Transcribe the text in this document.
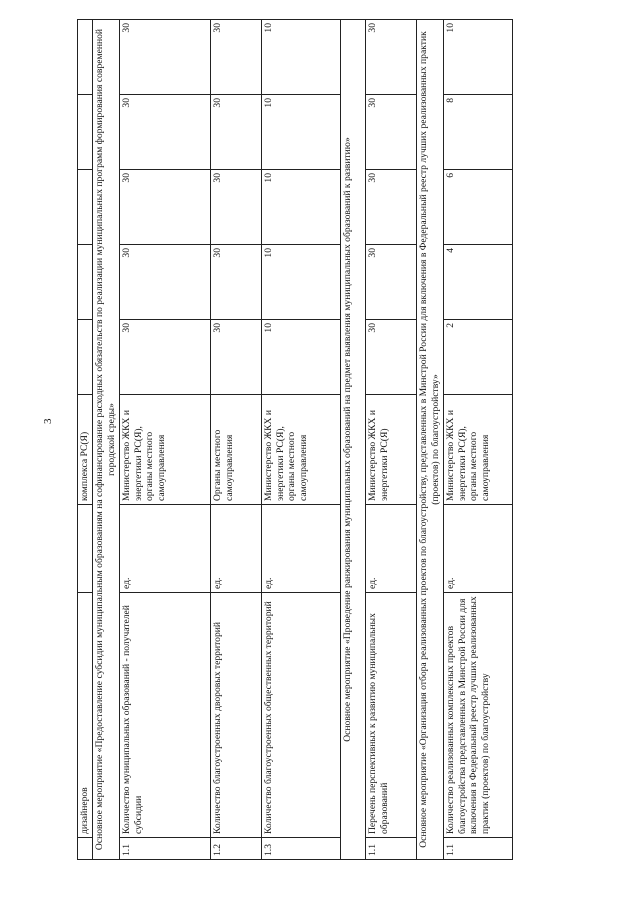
3
	дизайнеров		комплекса РС(Я)					
Основное мероприятие «Предоставление субсидии муниципальным образованиям на софинансирование расходных обязательств по реализации муниципальных программ формирования современной городской среды»								
1.1	Количество муниципальных образований - получателей субсидии	ед.	Министерство ЖКХ и энергетики РС(Я), органы местного самоуправления	30	30	30	30	30
1.2	Количество благоустроенных дворовых территорий	ед.	Органы местного самоуправления	30	30	30	30	30
1.3	Количество благоустроенных общественных территорий	ед.	Министерство ЖКХ и энергетики РС(Я), органы местного самоуправления	10	10	10	10	10
Основное мероприятие «Проведение ранжирования муниципальных образований на предмет выявления муниципальных образований к развитию»								
1.1	Перечень перспективных к развитию муниципальных образований	ед.	Министерство ЖКХ и энергетики РС(Я)	30	30	30	30	30
Основное мероприятие «Организация отбора реализованных проектов по благоустройству, представленных в Минстрой России для включения в Федеральный реестр лучших реализованных практик (проектов) по благоустройству»								
1.1	Количество реализованных комплексных проектов благоустройства представленных в Минстрой России для включения в Федеральный реестр лучших реализованных практик (проектов) по благоустройству	ед.	Министерство ЖКХ и энергетики РС(Я), органы местного самоуправления	2	4	6	8	10
